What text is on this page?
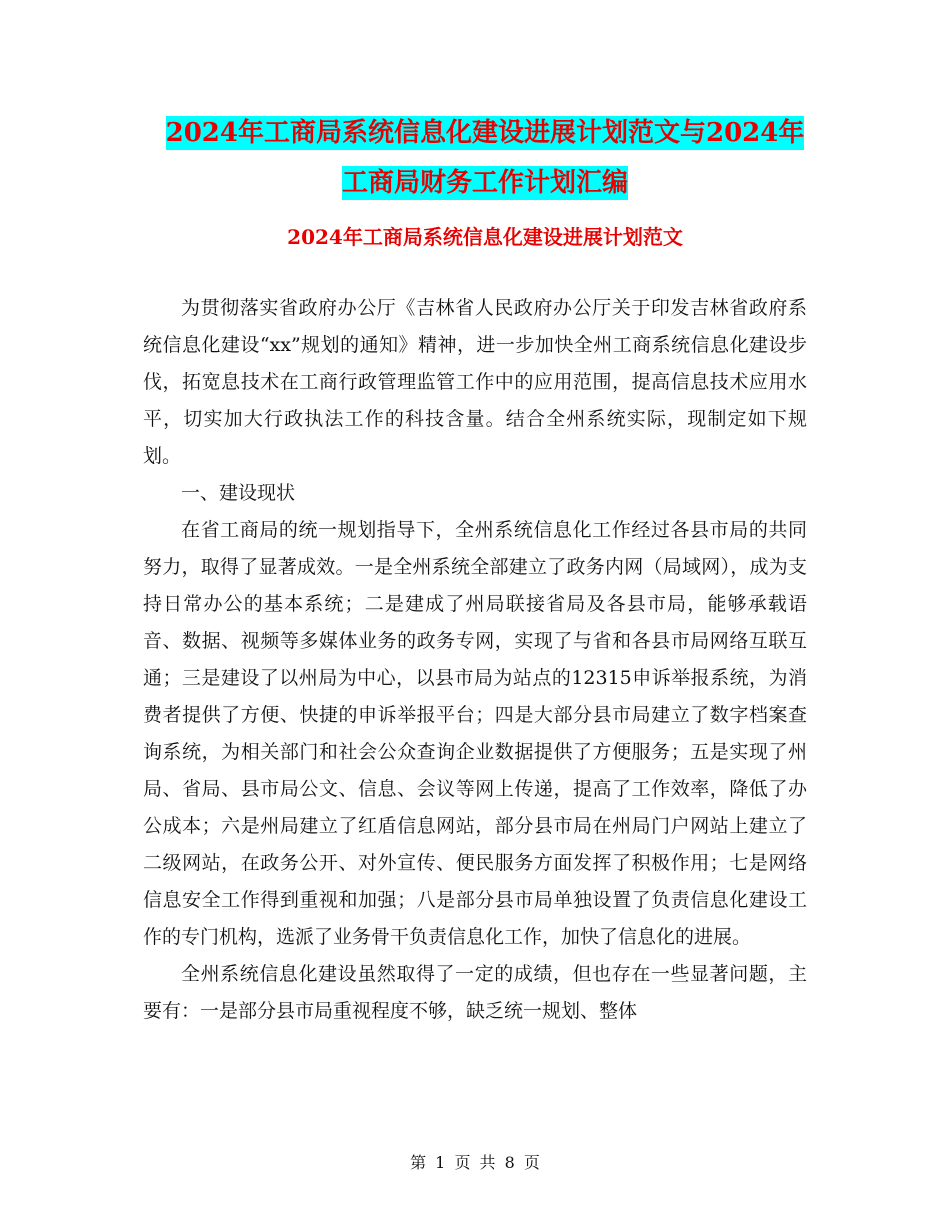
2024年工商局系统信息化建设进展计划范文与2024年
工商局财务工作计划汇编
2024年工商局系统信息化建设进展计划范文

为贯彻落实省政府办公厅《吉林省人民政府办公厅关于印发吉林省政府系统信息化建设“xx”规划的通知》精神，进一步加快全州工商系统信息化建设步伐，拓宽息技术在工商行政管理监管工作中的应用范围，提高信息技术应用水平，切实加大行政执法工作的科技含量。结合全州系统实际，现制定如下规划。

一、建设现状

在省工商局的统一规划指导下，全州系统信息化工作经过各县市局的共同努力，取得了显著成效。一是全州系统全部建立了政务内网（局域网），成为支持日常办公的基本系统；二是建成了州局联接省局及各县市局，能够承载语音、数据、视频等多媒体业务的政务专网，实现了与省和各县市局网络互联互通；三是建设了以州局为中心，以县市局为站点的12315申诉举报系统，为消费者提供了方便、快捷的申诉举报平台；四是大部分县市局建立了数字档案查询系统，为相关部门和社会公众查询企业数据提供了方便服务；五是实现了州局、省局、县市局公文、信息、会议等网上传递，提高了工作效率，降低了办公成本；六是州局建立了红盾信息网站，部分县市局在州局门户网站上建立了二级网站，在政务公开、对外宣传、便民服务方面发挥了积极作用；七是网络信息安全工作得到重视和加强；八是部分县市局单独设置了负责信息化建设工作的专门机构，选派了业务骨干负责信息化工作，加快了信息化的进展。

全州系统信息化建设虽然取得了一定的成绩，但也存在一些显著问题，主要有：一是部分县市局重视程度不够，缺乏统一规划、整体

第 1 页 共 8 页
